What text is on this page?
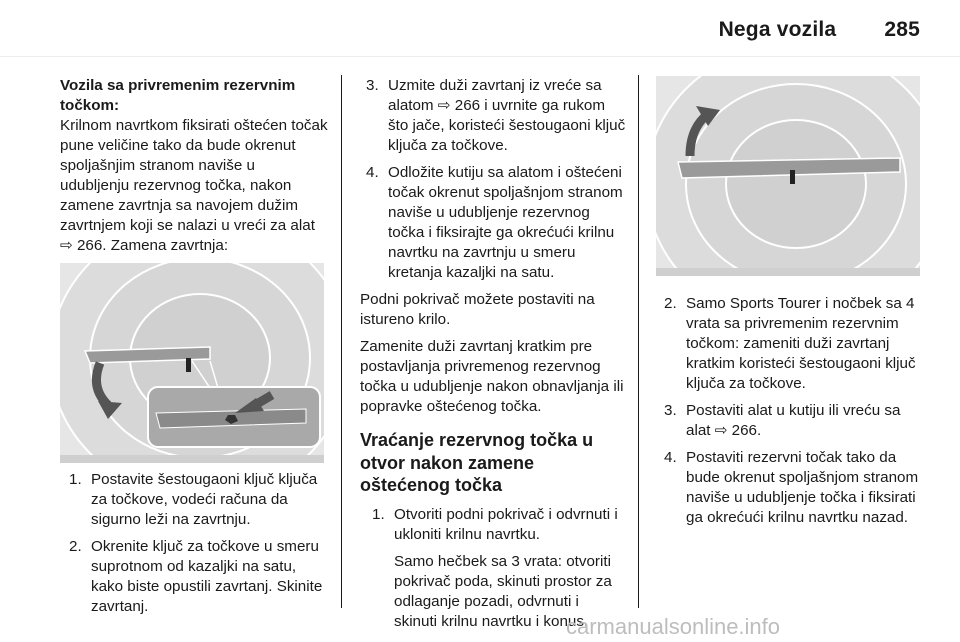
Nega vozila 285

Vozila sa privremenim rezervnim točkom:

Krilnom navrtkom fiksirati oštećen točak pune veličine tako da bude okrenut spoljašnjim stranom naviše u udubljenju rezervnog točka, nakon zamene zavrtnja sa navojem dužim zavrtnjem koji se nalazi u vreći za alat

⇨ 266. Zamena zavrtnja:

1. Postavite šestougaoni ključ ključa za točkove, vodeći računa da sigurno leži na zavrtnju.
2. Okrenite ključ za točkove u smeru suprotnom od kazaljki na satu, kako biste opustili zavrtanj. Skinite zavrtanj.
3. Uzmite duži zavrtanj iz vreće sa alatom ⇨ 266 i uvrnite ga rukom što jače, koristeći šestougaoni ključ ključa za točkove.
4. Odložite kutiju sa alatom i oštećeni točak okrenut spoljašnjom stranom naviše u udubljenje rezervnog točka i fiksirajte ga okrećući krilnu navrtku na zavrtnju u smeru kretanja kazaljki na satu.

Podni pokrivač možete postaviti na istureno krilo.

Zamenite duži zavrtanj kratkim pre postavljanja privremenog rezervnog točka u udubljenje nakon obnavljanja ili popravke oštećenog točka.

Vraćanje rezervnog točka u otvor nakon zamene oštećenog točka
1. Otvoriti podni pokrivač i odvrnuti i ukloniti krilnu navrtku.

Samo hečbek sa 3 vrata: otvoriti pokrivač poda, skinuti prostor za odlaganje pozadi, odvrnuti i skinuti krilnu navrtku i konus.

2. Samo Sports Tourer i nočbek sa 4 vrata sa privremenim rezervnim točkom: zameniti duži zavrtanj kratkim koristeći šestougaoni ključ ključa za točkove.
3. Postaviti alat u kutiju ili vreću sa alat ⇨ 266.
4. Postaviti rezervni točak tako da bude okrenut spoljašnjom stranom naviše u udubljenje točka i fiksirati ga okrećući krilnu navrtku nazad.
carmanualsonline.info
